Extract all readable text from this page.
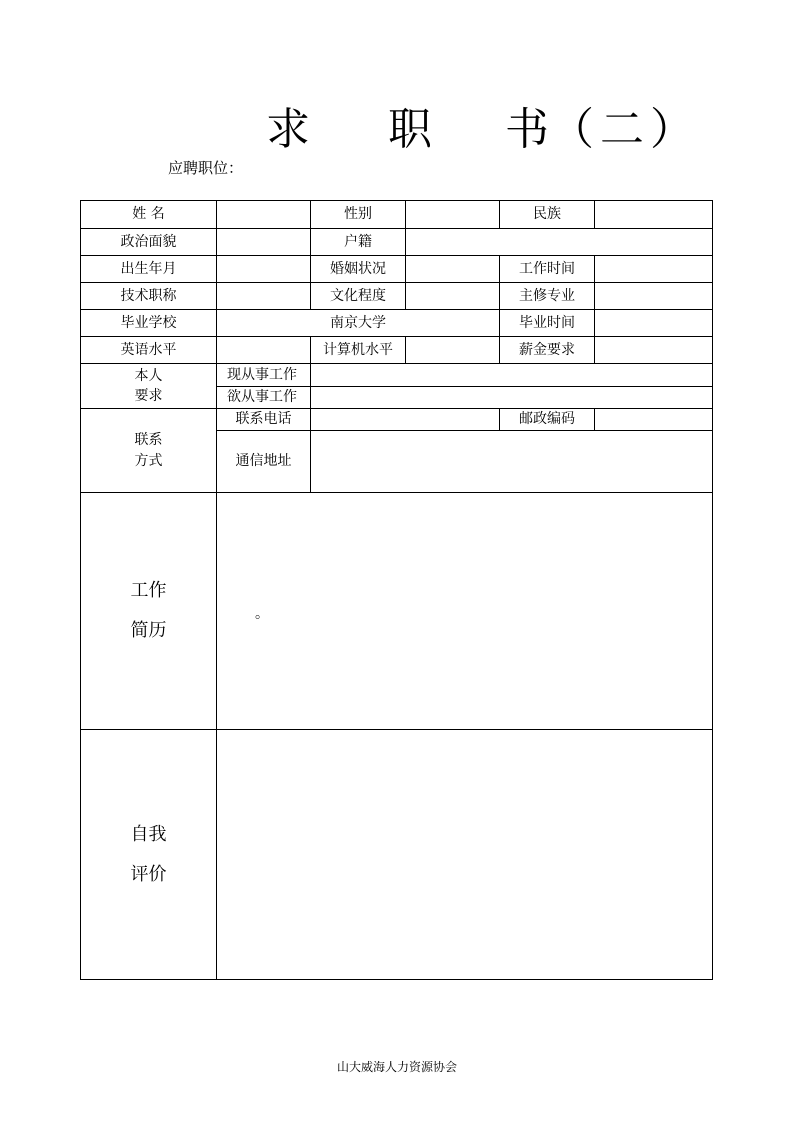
求 职 书 （ 二 ）
应聘职位：
姓 名	性别	民族
政治面貌	户籍
出生年月	婚姻状况	工作时间
技术职称	文化程度	主修专业
毕业学校	南京大学	毕业时间
英语水平	计算机水平	薪金要求
本人
要求
现从事工作
欲从事工作
联系
方式
联系电话	邮政编码
通信地址
工作
简历
。
自我
评价
山大威海人力资源协会
